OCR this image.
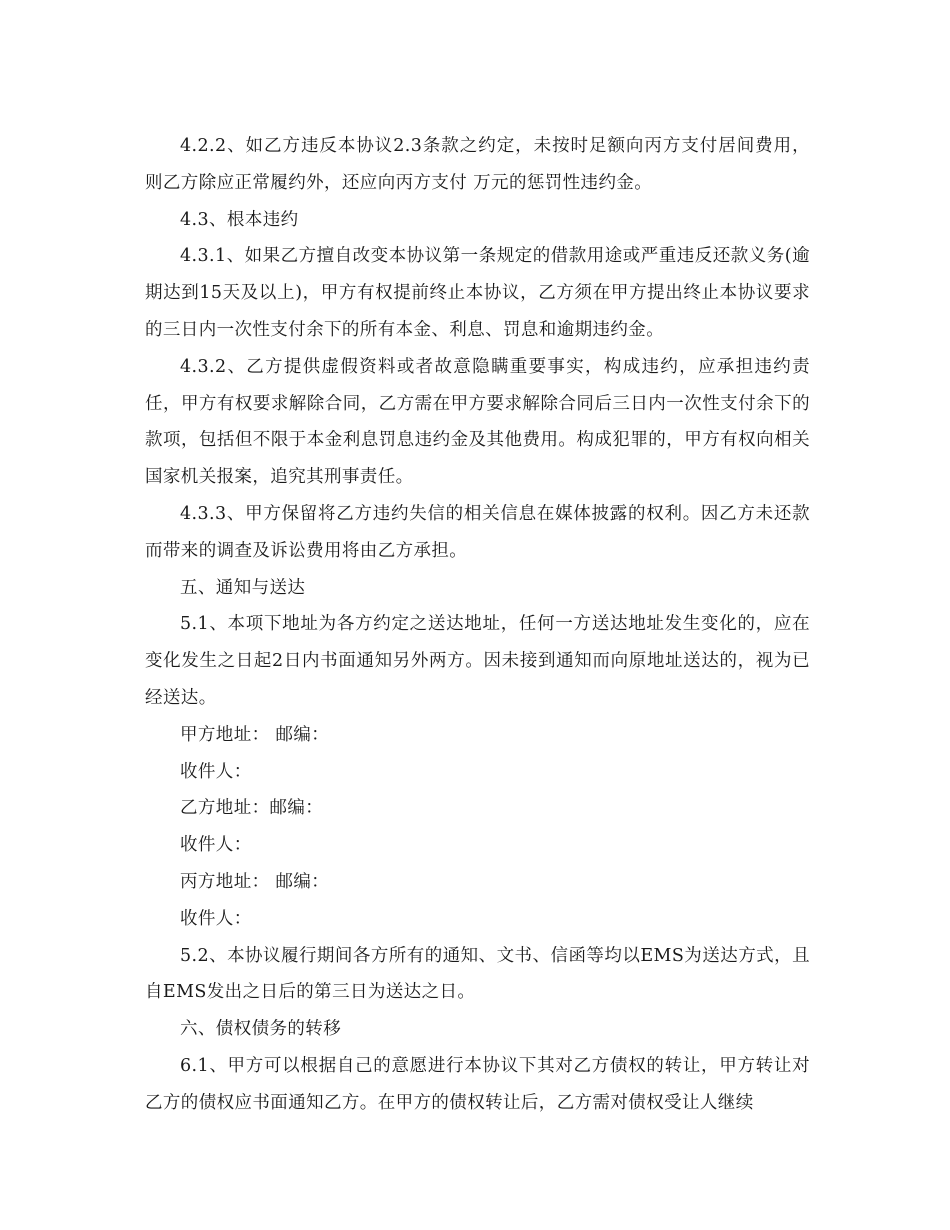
4.2.2、如乙方违反本协议2.3条款之约定，未按时足额向丙方支付居间费用，则乙方除应正常履约外，还应向丙方支付 万元的惩罚性违约金。

4.3、根本违约

4.3.1、如果乙方擅自改变本协议第一条规定的借款用途或严重违反还款义务(逾期达到15天及以上)，甲方有权提前终止本协议，乙方须在甲方提出终止本协议要求的三日内一次性支付余下的所有本金、利息、罚息和逾期违约金。

4.3.2、乙方提供虚假资料或者故意隐瞒重要事实，构成违约，应承担违约责任，甲方有权要求解除合同，乙方需在甲方要求解除合同后三日内一次性支付余下的款项，包括但不限于本金利息罚息违约金及其他费用。构成犯罪的，甲方有权向相关国家机关报案，追究其刑事责任。

4.3.3、甲方保留将乙方违约失信的相关信息在媒体披露的权利。因乙方未还款而带来的调查及诉讼费用将由乙方承担。

五、通知与送达

5.1、本项下地址为各方约定之送达地址，任何一方送达地址发生变化的，应在变化发生之日起2日内书面通知另外两方。因未接到通知而向原地址送达的，视为已经送达。

甲方地址： 邮编：

收件人：

乙方地址：邮编：

收件人：

丙方地址： 邮编：

收件人：

5.2、本协议履行期间各方所有的通知、文书、信函等均以EMS为送达方式，且自EMS发出之日后的第三日为送达之日。

六、债权债务的转移

6.1、甲方可以根据自己的意愿进行本协议下其对乙方债权的转让，甲方转让对乙方的债权应书面通知乙方。在甲方的债权转让后，乙方需对债权受让人继续
